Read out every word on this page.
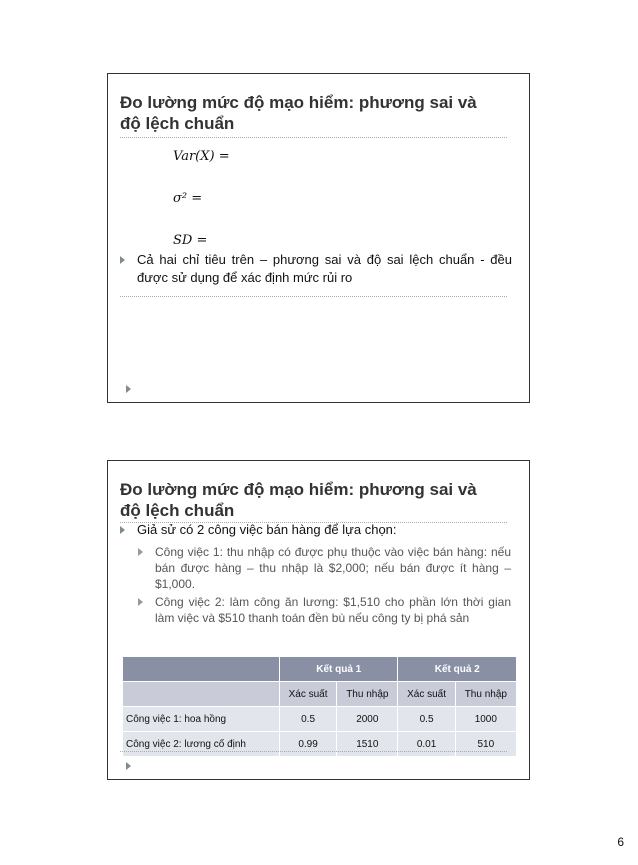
Đo lường mức độ mạo hiểm: phương sai và độ lệch chuẩn
Var(X) =
σ² =
SD =
Cả hai chỉ tiêu trên – phương sai và độ sai lệch chuẩn - đều được sử dụng để xác định mức rủi ro
Đo lường mức độ mạo hiểm: phương sai và độ lệch chuẩn
Giả sử có 2 công việc bán hàng để lựa chọn:
Công việc 1: thu nhập có được phụ thuộc vào việc bán hàng: nếu bán được hàng – thu nhập là $2,000; nếu bán được ít hàng – $1,000.
Công việc 2: làm công ăn lương: $1,510 cho phần lớn thời gian làm việc và $510 thanh toán đền bù nếu công ty bị phá sản
	Kết quả 1		Kết quả 2	
	Xác suất	Thu nhập	Xác suất	Thu nhập
Công việc 1: hoa hồng	0.5	2000	0.5	1000
Công việc 2: lương cố định	0.99	1510	0.01	510
6
